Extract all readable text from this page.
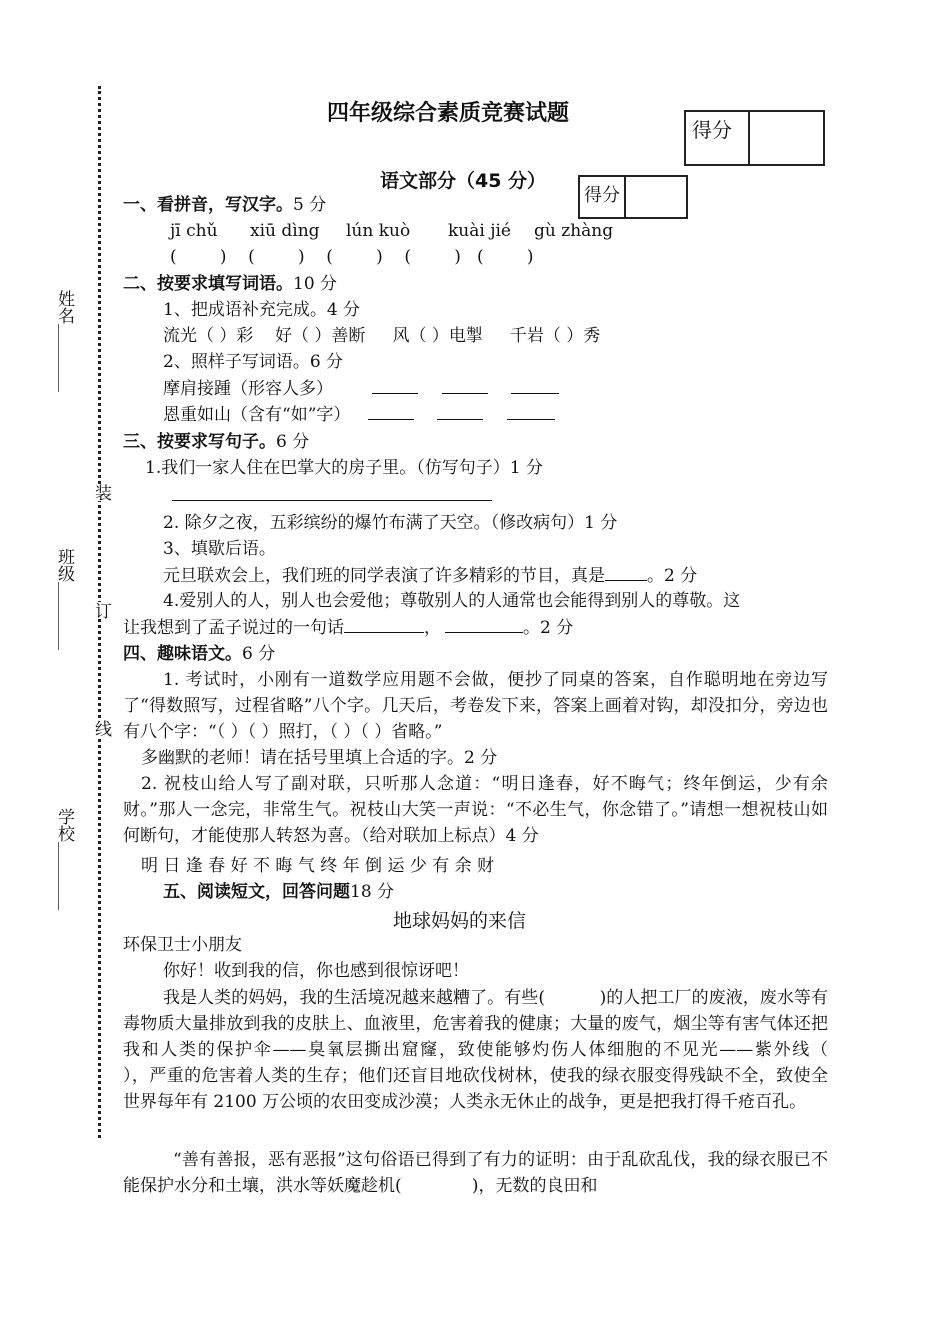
姓名＿＿＿＿
班级＿＿＿＿
学校＿＿＿＿
装
订
线
四年级综合素质竞赛试题
得分
得分
语文部分（45 分）
一、看拼音，写汉字。5 分
jī chǔ xiū dìng lún kuò kuài jié gù zhàng
(        )    (        )    (        )    (        )   (        )
二、按要求填写词语。10 分
1、把成语补充完成。4 分
流光（ ）彩    好（ ）善断     风（ ）电掣     千岩（ ）秀
2、照样子写词语。6 分
摩肩接踵（形容人多）
恩重如山（含有“如”字）
三、按要求写句子。6 分
1.我们一家人住在巴掌大的房子里。（仿写句子）1 分
2. 除夕之夜，五彩缤纷的爆竹布满了天空。（修改病句）1 分
3、填歇后语。
元旦联欢会上，我们班的同学表演了许多精彩的节目，真是 。2 分
4.爱别人的人，别人也会爱他；尊敬别人的人通常也会能得到别人的尊敬。这
让我想到了孟子说过的一句话	，	。2 分
四、趣味语文。6 分
1. 考试时，小刚有一道数学应用题不会做，便抄了同桌的答案，自作聪明地在旁边写了“得数照写，过程省略”八个字。几天后，考卷发下来，答案上画着对钩，却没扣分，旁边也有八个字：“（ ）（ ）照打，（ ）（ ）省略。”
多幽默的老师！请在括号里填上合适的字。2 分
2. 祝枝山给人写了副对联，只听那人念道：“明日逢春，好不晦气；终年倒运，少有余财。”那人一念完，非常生气。祝枝山大笑一声说：“不必生气，你念错了。”请想一想祝枝山如何断句，才能使那人转怒为喜。（给对联加上标点）4 分
明 日 逢 春 好 不 晦 气 终 年 倒 运 少 有 余 财
五、阅读短文，回答问题18 分
地球妈妈的来信
环保卫士小朋友
你好！收到我的信，你也感到很惊讶吧！
我是人类的妈妈，我的生活境况越来越糟了。有些(          )的人把工厂的废液，废水等有毒物质大量排放到我的皮肤上、血液里，危害着我的健康；大量的废气，烟尘等有害气体还把我和人类的保护伞——臭氧层撕出窟窿，致使能够灼伤人体细胞的不见光——紫外线（          ），严重的危害着人类的生存；他们还盲目地砍伐树林，使我的绿衣服变得残缺不全，致使全世界每年有 2100 万公顷的农田变成沙漠；人类永无休止的战争，更是把我打得千疮百孔。
“善有善报，恶有恶报”这句俗语已得到了有力的证明：由于乱砍乱伐，我的绿衣服已不能保护水分和土壤，洪水等妖魔趁机(             )，无数的良田和
